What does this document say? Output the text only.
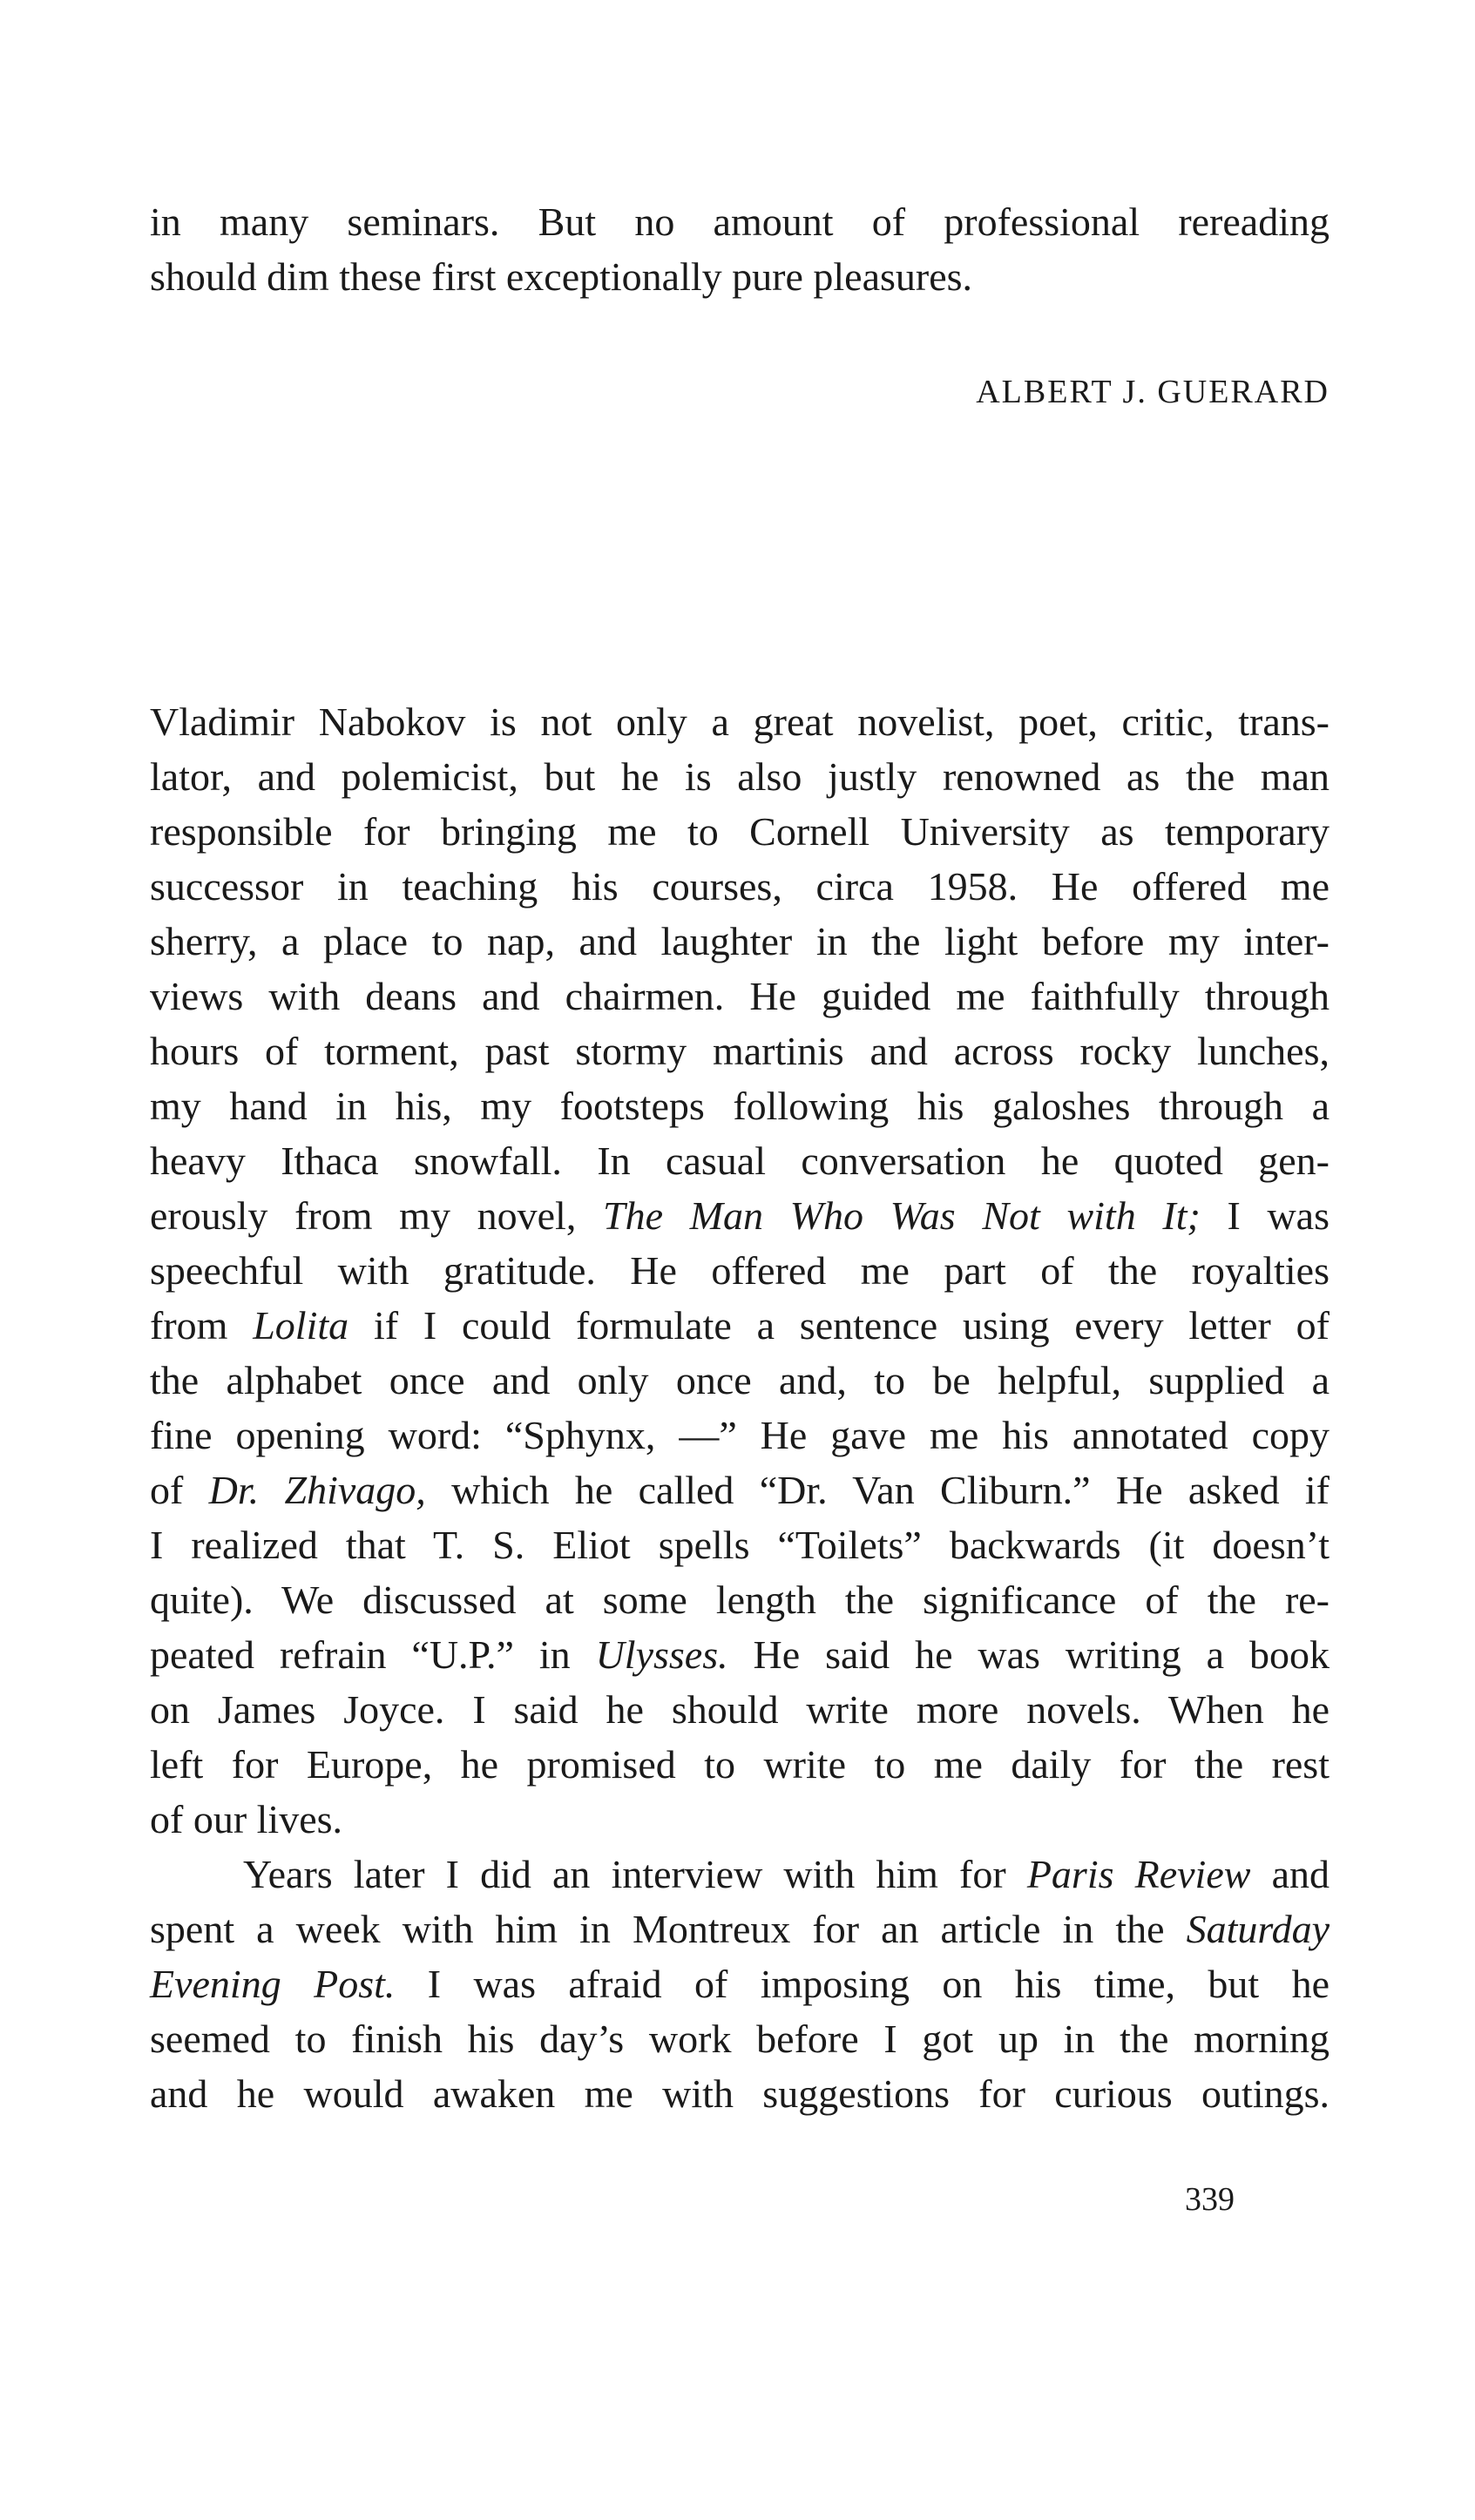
in many seminars. But no amount of professional rereading
should dim these first exceptionally pure pleasures.
ALBERT J. GUERARD
Vladimir Nabokov is not only a great novelist, poet, critic, trans-
lator, and polemicist, but he is also justly renowned as the man
responsible for bringing me to Cornell University as temporary
successor in teaching his courses, circa 1958. He offered me
sherry, a place to nap, and laughter in the light before my inter-
views with deans and chairmen. He guided me faithfully through
hours of torment, past stormy martinis and across rocky lunches,
my hand in his, my footsteps following his galoshes through a
heavy Ithaca snowfall. In casual conversation he quoted gen-
erously from my novel, The Man Who Was Not with It; I was
speechful with gratitude. He offered me part of the royalties
from Lolita if I could formulate a sentence using every letter of
the alphabet once and only once and, to be helpful, supplied a
fine opening word: “Sphynx, —” He gave me his annotated copy
of Dr. Zhivago, which he called “Dr. Van Cliburn.” He asked if
I realized that T. S. Eliot spells “Toilets” backwards (it doesn’t
quite). We discussed at some length the significance of the re-
peated refrain “U.P.” in Ulysses. He said he was writing a book
on James Joyce. I said he should write more novels. When he
left for Europe, he promised to write to me daily for the rest
of our lives.
Years later I did an interview with him for Paris Review and
spent a week with him in Montreux for an article in the Saturday
Evening Post. I was afraid of imposing on his time, but he
seemed to finish his day’s work before I got up in the morning
and he would awaken me with suggestions for curious outings.
339
